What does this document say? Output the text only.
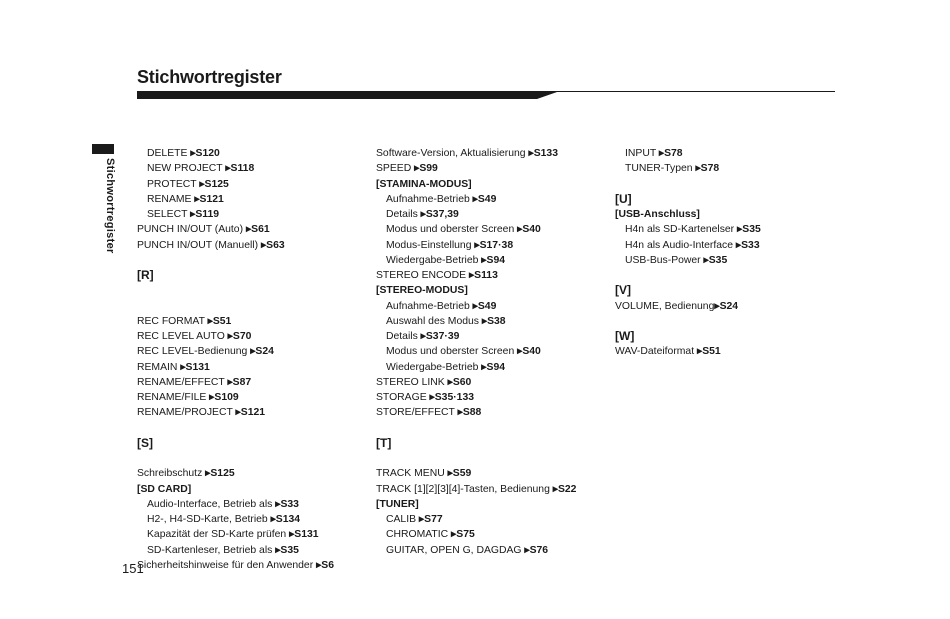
Stichwortregister
Stichwortregister
DELETE ▸S120
NEW PROJECT ▸S118
PROTECT ▸S125
RENAME ▸S121
SELECT ▸S119
PUNCH IN/OUT (Auto) ▸S61
PUNCH IN/OUT (Manuell) ▸S63
[R]
REC FORMAT ▸S51
REC LEVEL AUTO ▸S70
REC LEVEL-Bedienung ▸S24
REMAIN ▸S131
RENAME/EFFECT ▸S87
RENAME/FILE ▸S109
RENAME/PROJECT ▸S121
[S]
Schreibschutz ▸S125
[SD CARD]
Audio-Interface, Betrieb als ▸S33
H2-, H4-SD-Karte, Betrieb ▸S134
Kapazität der SD-Karte prüfen ▸S131
SD-Kartenleser, Betrieb als ▸S35
Sicherheitshinweise für den Anwender ▸S6
Software-Version, Aktualisierung ▸S133
SPEED ▸S99
[STAMINA-MODUS]
Aufnahme-Betrieb ▸S49
Details ▸S37,39
Modus und oberster Screen ▸S40
Modus-Einstellung ▸S17·38
Wiedergabe-Betrieb ▸S94
STEREO ENCODE ▸S113
[STEREO-MODUS]
Aufnahme-Betrieb ▸S49
Auswahl des Modus ▸S38
Details ▸S37·39
Modus und oberster Screen ▸S40
Wiedergabe-Betrieb ▸S94
STEREO LINK ▸S60
STORAGE ▸S35·133
STORE/EFFECT ▸S88
[T]
TRACK MENU ▸S59
TRACK [1][2][3][4]-Tasten, Bedienung ▸S22
[TUNER]
CALIB ▸S77
CHROMATIC ▸S75
GUITAR, OPEN G, DAGDAG ▸S76
INPUT ▸S78
TUNER-Typen ▸S78
[U]
[USB-Anschluss]
H4n als SD-Kartenelser ▸S35
H4n als Audio-Interface ▸S33
USB-Bus-Power ▸S35
[V]
VOLUME, Bedienung▸S24
[W]
WAV-Dateiformat ▸S51
151
